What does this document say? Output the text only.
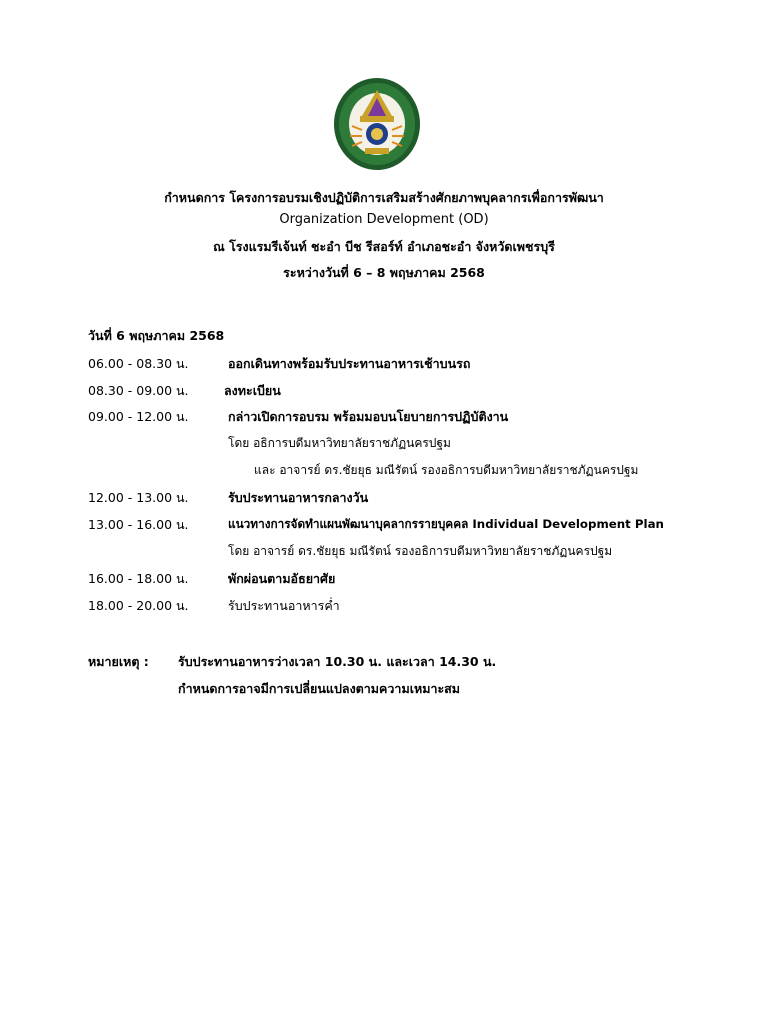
กำหนดการ โครงการอบรมเชิงปฏิบัติการเสริมสร้างศักยภาพบุคลากรเพื่อการพัฒนา
Organization Development (OD)
ณ โรงแรมรีเจ้นท์ ชะอำ บีช รีสอร์ท์ อำเภอชะอำ จังหวัดเพชรบุรี
ระหว่างวันที่ 6 – 8 พฤษภาคม 2568
วันที่ 6 พฤษภาคม 2568
06.00 - 08.30 น.	ออกเดินทางพร้อมรับประทานอาหารเช้าบนรถ
08.30 - 09.00 น.	ลงทะเบียน
09.00 - 12.00 น.	กล่าวเปิดการอบรม พร้อมมอบนโยบายการปฏิบัติงาน
โดย อธิการบดีมหาวิทยาลัยราชภัฏนครปฐม
และ อาจารย์ ดร.ชัยยุธ มณีรัตน์ รองอธิการบดีมหาวิทยาลัยราชภัฏนครปฐม
12.00 - 13.00 น.	รับประทานอาหารกลางวัน
13.00 - 16.00 น.	แนวทางการจัดทำแผนพัฒนาบุคลากรรายบุคคล Individual Development Plan
โดย อาจารย์ ดร.ชัยยุธ มณีรัตน์ รองอธิการบดีมหาวิทยาลัยราชภัฏนครปฐม
16.00 - 18.00 น.	พักผ่อนตามอัธยาศัย
18.00 - 20.00 น.	รับประทานอาหารค่ำ
หมายเหตุ : รับประทานอาหารว่างเวลา 10.30 น. และเวลา 14.30 น.
กำหนดการอาจมีการเปลี่ยนแปลงตามความเหมาะสม
